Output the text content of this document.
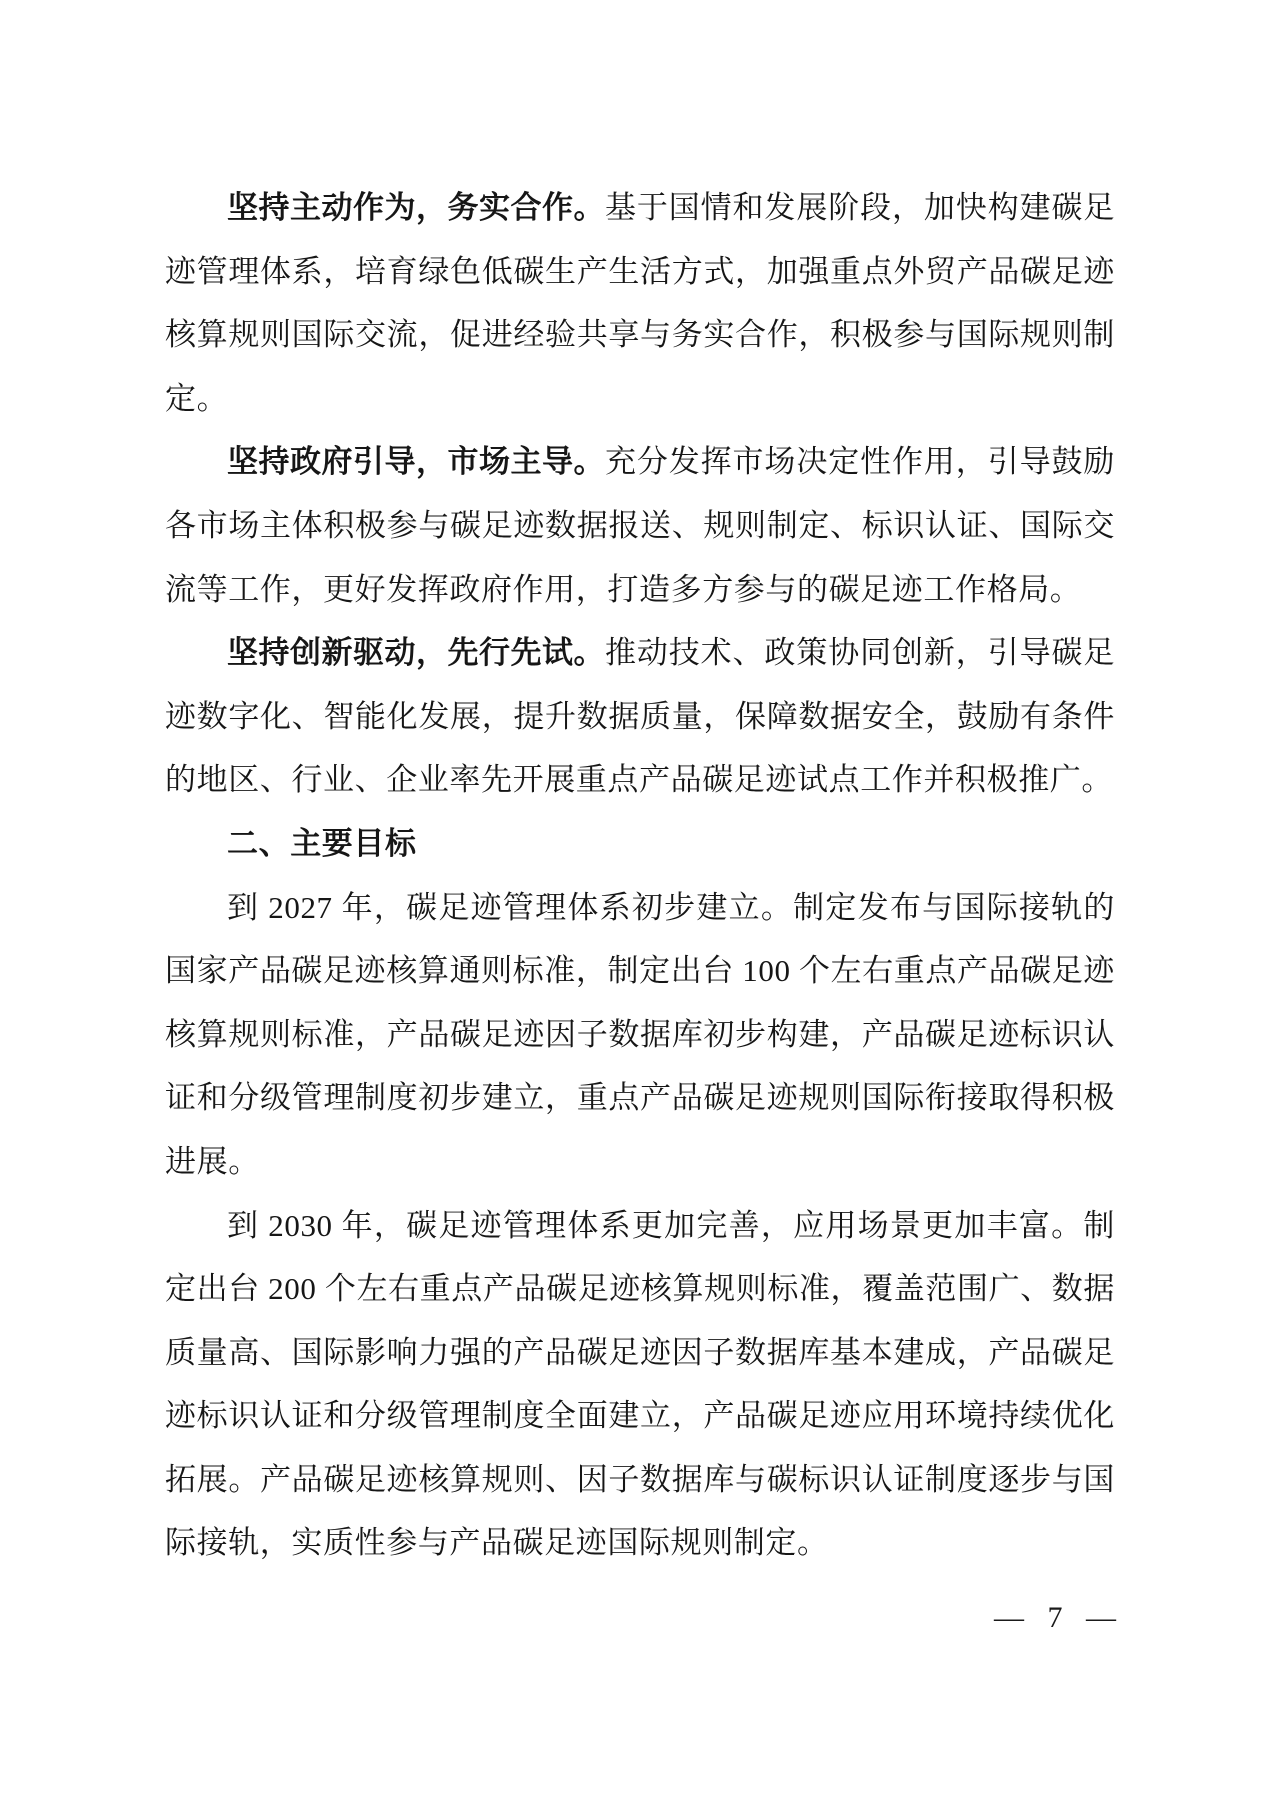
坚持主动作为，务实合作。基于国情和发展阶段，加快构建碳足迹管理体系，培育绿色低碳生产生活方式，加强重点外贸产品碳足迹核算规则国际交流，促进经验共享与务实合作，积极参与国际规则制定。

坚持政府引导，市场主导。充分发挥市场决定性作用，引导鼓励各市场主体积极参与碳足迹数据报送、规则制定、标识认证、国际交流等工作，更好发挥政府作用，打造多方参与的碳足迹工作格局。

坚持创新驱动，先行先试。推动技术、政策协同创新，引导碳足迹数字化、智能化发展，提升数据质量，保障数据安全，鼓励有条件的地区、行业、企业率先开展重点产品碳足迹试点工作并积极推广。

二、主要目标

到 2027 年，碳足迹管理体系初步建立。制定发布与国际接轨的国家产品碳足迹核算通则标准，制定出台 100 个左右重点产品碳足迹核算规则标准，产品碳足迹因子数据库初步构建，产品碳足迹标识认证和分级管理制度初步建立，重点产品碳足迹规则国际衔接取得积极进展。

到 2030 年，碳足迹管理体系更加完善，应用场景更加丰富。制定出台 200 个左右重点产品碳足迹核算规则标准，覆盖范围广、数据质量高、国际影响力强的产品碳足迹因子数据库基本建成，产品碳足迹标识认证和分级管理制度全面建立，产品碳足迹应用环境持续优化拓展。产品碳足迹核算规则、因子数据库与碳标识认证制度逐步与国际接轨，实质性参与产品碳足迹国际规则制定。

— 7 —
